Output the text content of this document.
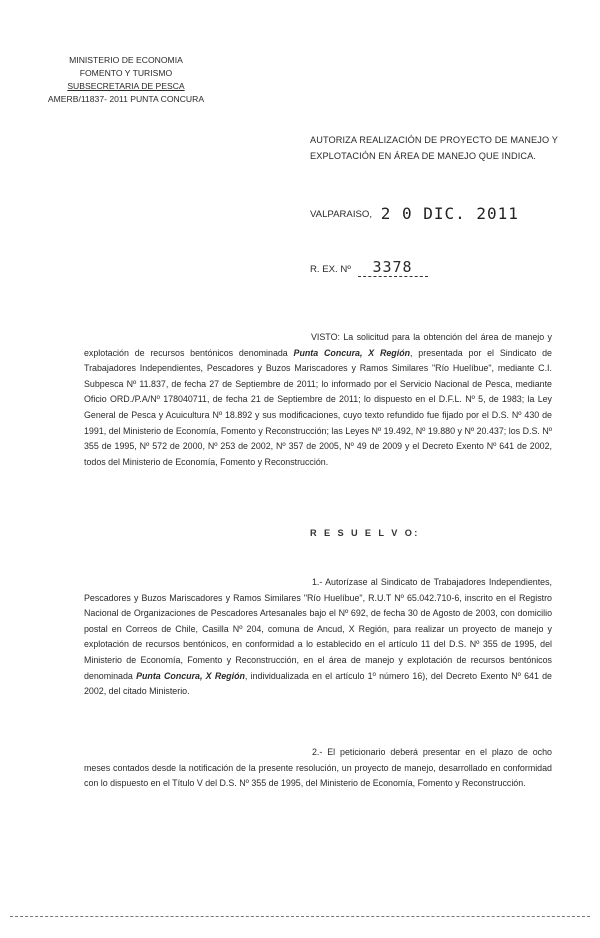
MINISTERIO DE ECONOMIA
FOMENTO Y TURISMO
SUBSECRETARIA DE PESCA
AMERB/11837- 2011 PUNTA CONCURA
AUTORIZA REALIZACIÓN DE PROYECTO DE MANEJO Y EXPLOTACIÓN EN ÁREA DE MANEJO QUE INDICA.
VALPARAISO, 2 0 DIC. 2011
R. EX. Nº 3378
VISTO: La solicitud para la obtención del área de manejo y explotación de recursos bentónicos denominada Punta Concura, X Región, presentada por el Sindicato de Trabajadores Independientes, Pescadores y Buzos Mariscadores y Ramos Similares "Río Huelíbue", mediante C.I. Subpesca Nº 11.837, de fecha 27 de Septiembre de 2011; lo informado por el Servicio Nacional de Pesca, mediante Oficio ORD./P.A/Nº 178040711, de fecha 21 de Septiembre de 2011; lo dispuesto en el D.F.L. Nº 5, de 1983; la Ley General de Pesca y Acuicultura Nº 18.892 y sus modificaciones, cuyo texto refundido fue fijado por el D.S. Nº 430 de 1991, del Ministerio de Economía, Fomento y Reconstrucción; las Leyes Nº 19.492, Nº 19.880 y Nº 20.437; los D.S. Nº 355 de 1995, Nº 572 de 2000, Nº 253 de 2002, Nº 357 de 2005, Nº 49 de 2009 y el Decreto Exento Nº 641 de 2002, todos del Ministerio de Economía, Fomento y Reconstrucción.
R E S U E L V O:
1.- Autorízase al Sindicato de Trabajadores Independientes, Pescadores y Buzos Mariscadores y Ramos Similares "Río Huelíbue", R.U.T Nº 65.042.710-6, inscrito en el Registro Nacional de Organizaciones de Pescadores Artesanales bajo el Nº 692, de fecha 30 de Agosto de 2003, con domicilio postal en Correos de Chile, Casilla Nº 204, comuna de Ancud, X Región, para realizar un proyecto de manejo y explotación de recursos bentónicos, en conformidad a lo establecido en el artículo 11 del D.S. Nº 355 de 1995, del Ministerio de Economía, Fomento y Reconstrucción, en el área de manejo y explotación de recursos bentónicos denominada Punta Concura, X Región, individualizada en el artículo 1º número 16), del Decreto Exento Nº 641 de 2002, del citado Ministerio.
2.- El peticionario deberá presentar en el plazo de ocho meses contados desde la notificación de la presente resolución, un proyecto de manejo, desarrollado en conformidad con lo dispuesto en el Título V del D.S. Nº 355 de 1995, del Ministerio de Economía, Fomento y Reconstrucción.
